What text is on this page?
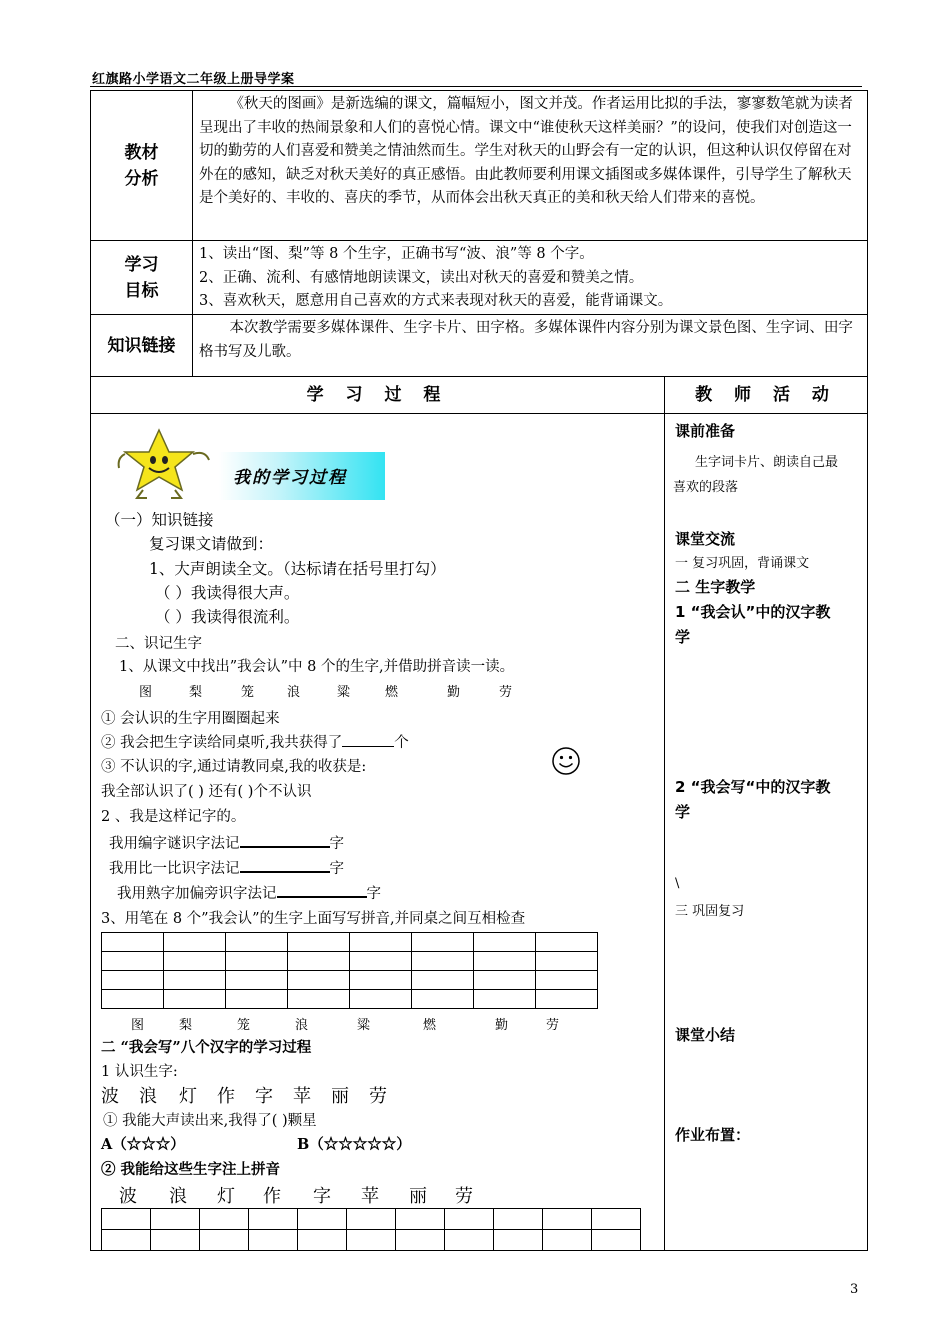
红旗路小学语文二年级上册导学案
教材
分析

《秋天的图画》是新选编的课文，篇幅短小，图文并茂。作者运用比拟的手法，寥寥数笔就为读者呈现出了丰收的热闹景象和人们的喜悦心情。课文中“谁使秋天这样美丽？”的设问，使我们对创造这一切的勤劳的人们喜爱和赞美之情油然而生。学生对秋天的山野会有一定的认识，但这种认识仅停留在对外在的感知，缺乏对秋天美好的真正感悟。由此教师要利用课文插图或多媒体课件，引导学生了解秋天是个美好的、丰收的、喜庆的季节，从而体会出秋天真正的美和秋天给人们带来的喜悦。

学习
目标

1、读出“图、梨”等 8 个生字，正确书写“波、浪”等 8 个字。

2、正确、流利、有感情地朗读课文，读出对秋天的喜爱和赞美之情。

3、喜欢秋天，愿意用自己喜欢的方式来表现对秋天的喜爱，能背诵课文。

知识链接	

本次教学需要多媒体课件、生字卡片、田字格。多媒体课件内容分别为课文景色图、生字词、田字格书写及儿歌。

学 习 过 程	教 师 活 动

我的学习过程
（一）知识链接
复习课文请做到：
1、大声朗读全文。（达标请在括号里打勾）
（ ）我读得很大声。
（ ）我读得很流利。
二、识记生字
1、从课文中找出”我会认”中 8 个的生字,并借助拼音读一读。
图	梨	笼	浪	粱	燃	勤	劳
① 会认识的生字用圈圈起来
② 我会把生字读给同桌听,我共获得了	个
③ 不认识的字,通过请教同桌,我的收获是:
我全部认识了( ) 还有( )个不认识
2 、我是这样记字的。
我用编字谜识字法记	字
我用比一比识字法记	字
我用熟字加偏旁识字法记	字
3、用笔在 8 个”我会认”的生字上面写写拼音,并同桌之间互相检查

图	梨	笼	浪	粱	燃	勤	劳
二 “我会写”八个汉字的学习过程
1 认识生字:
波 浪 灯 作 字 苹 丽 劳
① 我能大声读出来,我得了( )颗星
A（☆☆☆）	B（☆☆☆☆☆）
② 我能给这些生字注上拼音
波 浪 灯 作 字 苹 丽 劳

课前准备
生字词卡片、朗读自己最
喜欢的段落
课堂交流
一 复习巩固，背诵课文
二 生字教学
1 “我会认”中的汉字教
学
2 “我会写“中的汉字教
学
\
三 巩固复习
课堂小结
作业布置：
3
